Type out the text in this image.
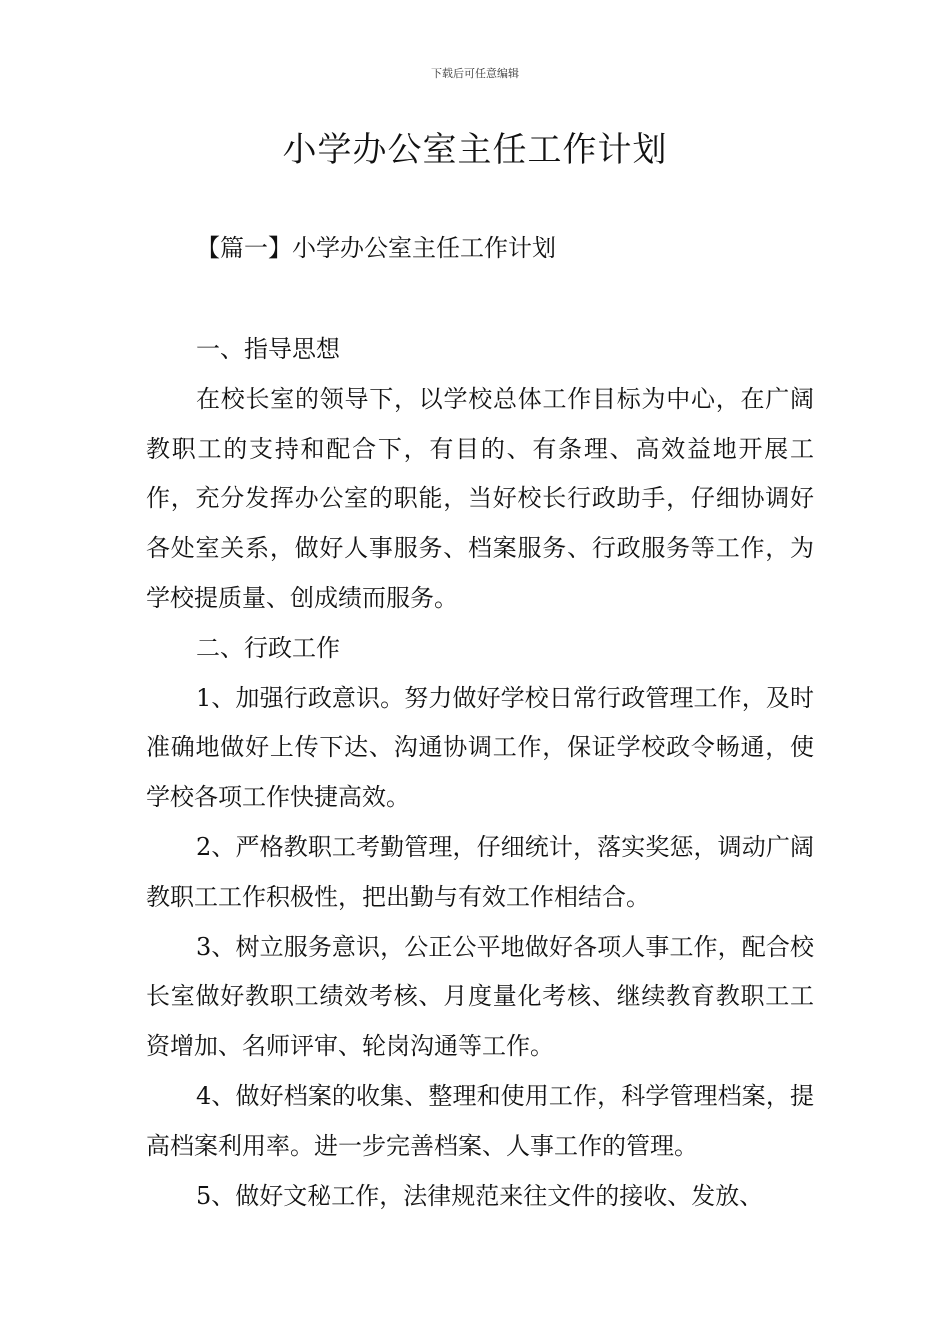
下载后可任意编辑
小学办公室主任工作计划
【篇一】小学办公室主任工作计划

一、指导思想

在校长室的领导下，以学校总体工作目标为中心，在广阔教职工的支持和配合下，有目的、有条理、高效益地开展工作，充分发挥办公室的职能，当好校长行政助手，仔细协调好各处室关系，做好人事服务、档案服务、行政服务等工作，为学校提质量、创成绩而服务。

二、行政工作

1、加强行政意识。努力做好学校日常行政管理工作，及时准确地做好上传下达、沟通协调工作，保证学校政令畅通，使学校各项工作快捷高效。

2、严格教职工考勤管理，仔细统计，落实奖惩，调动广阔教职工工作积极性，把出勤与有效工作相结合。

3、树立服务意识，公正公平地做好各项人事工作，配合校长室做好教职工绩效考核、月度量化考核、继续教育教职工工资增加、名师评审、轮岗沟通等工作。

4、做好档案的收集、整理和使用工作，科学管理档案，提高档案利用率。进一步完善档案、人事工作的管理。

5、做好文秘工作，法律规范来往文件的接收、发放、
